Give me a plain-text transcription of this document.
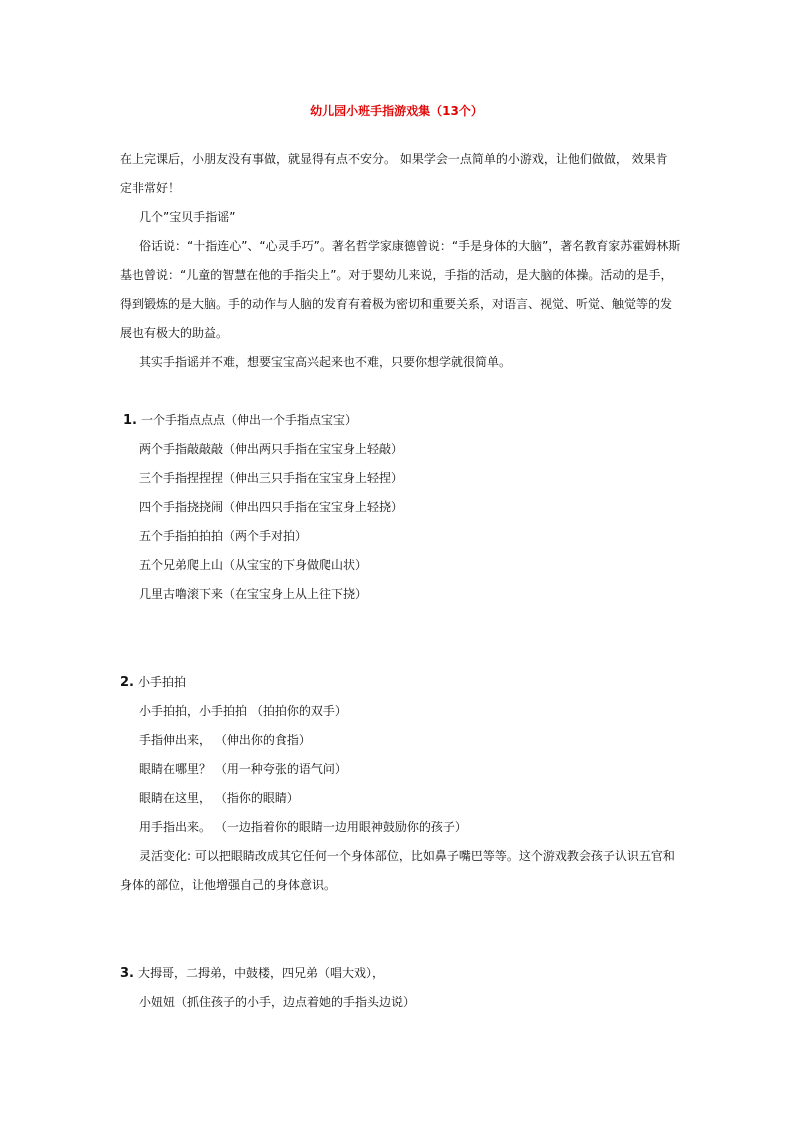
幼儿园小班手指游戏集（13个）

在上完课后，小朋友没有事做，就显得有点不安分。 如果学会一点简单的小游戏，让他们做做， 效果肯

定非常好！

几个”宝贝手指谣”

俗话说：“十指连心”、“心灵手巧”。著名哲学家康德曾说：“手是身体的大脑”，著名教育家苏霍姆林斯

基也曾说：“儿童的智慧在他的手指尖上”。对于婴幼儿来说，手指的活动，是大脑的体操。活动的是手，

得到锻炼的是大脑。手的动作与人脑的发育有着极为密切和重要关系，对语言、视觉、听觉、触觉等的发

展也有极大的助益。

其实手指谣并不难，想要宝宝高兴起来也不难，只要你想学就很简单。

1. 一个手指点点点（伸出一个手指点宝宝）

两个手指敲敲敲（伸出两只手指在宝宝身上轻敲）

三个手指捏捏捏（伸出三只手指在宝宝身上轻捏）

四个手指挠挠闹（伸出四只手指在宝宝身上轻挠）

五个手指拍拍拍（两个手对拍）

五个兄弟爬上山（从宝宝的下身做爬山状）

几里古噜滚下来（在宝宝身上从上往下挠）

2. 小手拍拍

小手拍拍，小手拍拍 （拍拍你的双手）

手指伸出来， （伸出你的食指）

眼睛在哪里？ （用一种夸张的语气问）

眼睛在这里， （指你的眼睛）

用手指出来。 （一边指着你的眼睛一边用眼神鼓励你的孩子）

灵活变化: 可以把眼睛改成其它任何一个身体部位，比如鼻子嘴巴等等。这个游戏教会孩子认识五官和

身体的部位，让他增强自己的身体意识。

3. 大拇哥，二拇弟，中鼓楼，四兄弟（唱大戏），

小妞妞（抓住孩子的小手，边点着她的手指头边说）
